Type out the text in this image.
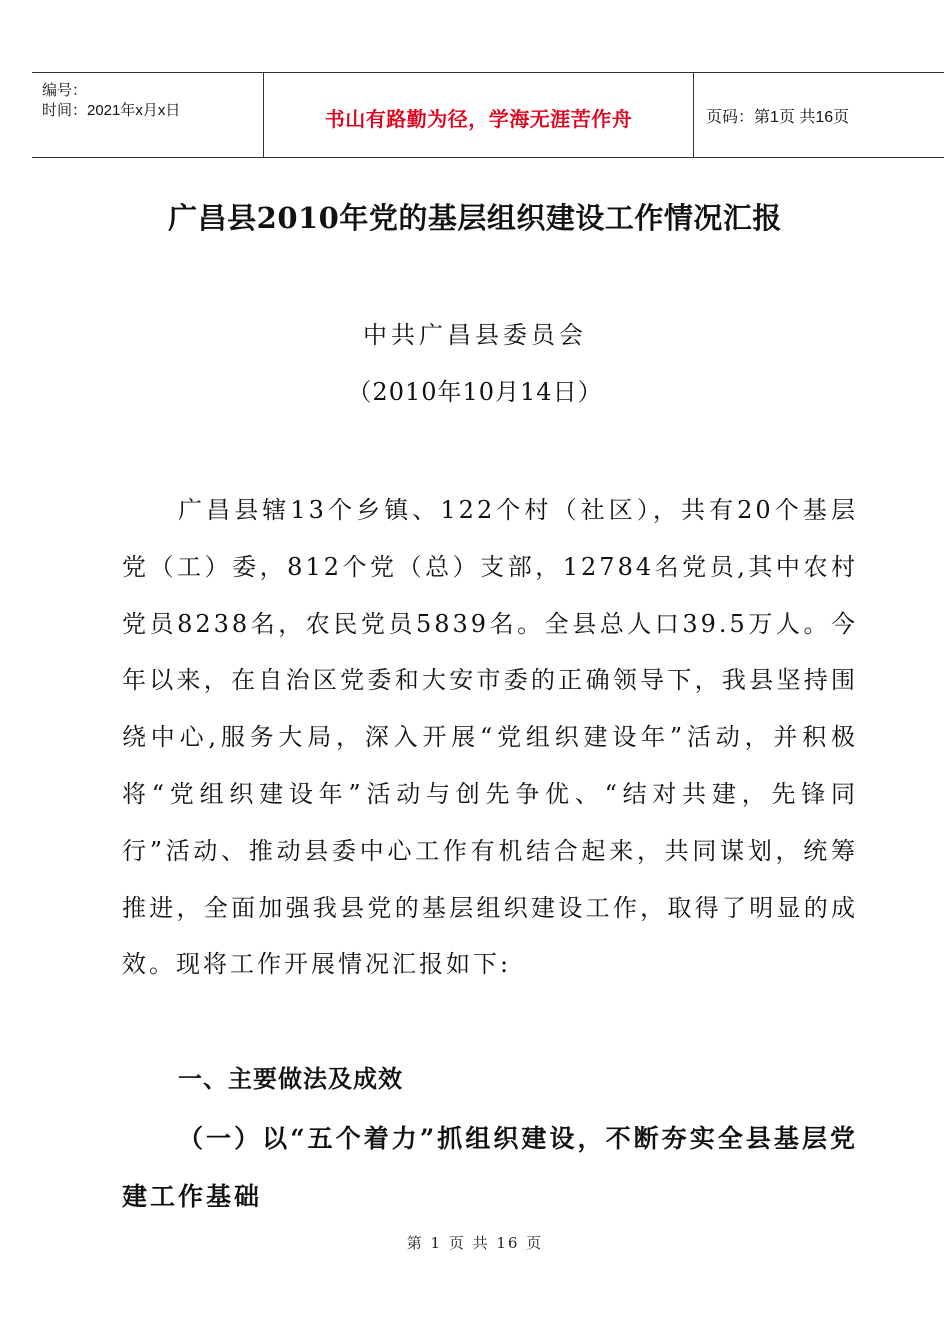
编号：
时间：2021年x月x日	书山有路勤为径，学海无涯苦作舟	页码：第1页 共16页
广昌县2010年党的基层组织建设工作情况汇报
中共广昌县委员会
（2010年10月14日）

广昌县辖13个乡镇、122个村（社区），共有20个基层党（工）委，812个党（总）支部，12784名党员,其中农村党员8238名，农民党员5839名。全县总人口39.5万人。今年以来，在自治区党委和大安市委的正确领导下，我县坚持围绕中心,服务大局，深入开展“党组织建设年”活动，并积极将“党组织建设年”活动与创先争优、“结对共建，先锋同行”活动、推动县委中心工作有机结合起来，共同谋划，统筹推进，全面加强我县党的基层组织建设工作，取得了明显的成效。现将工作开展情况汇报如下:

一、主要做法及成效

（一）以“五个着力”抓组织建设，不断夯实全县基层党建工作基础

第 1 页 共 16 页
